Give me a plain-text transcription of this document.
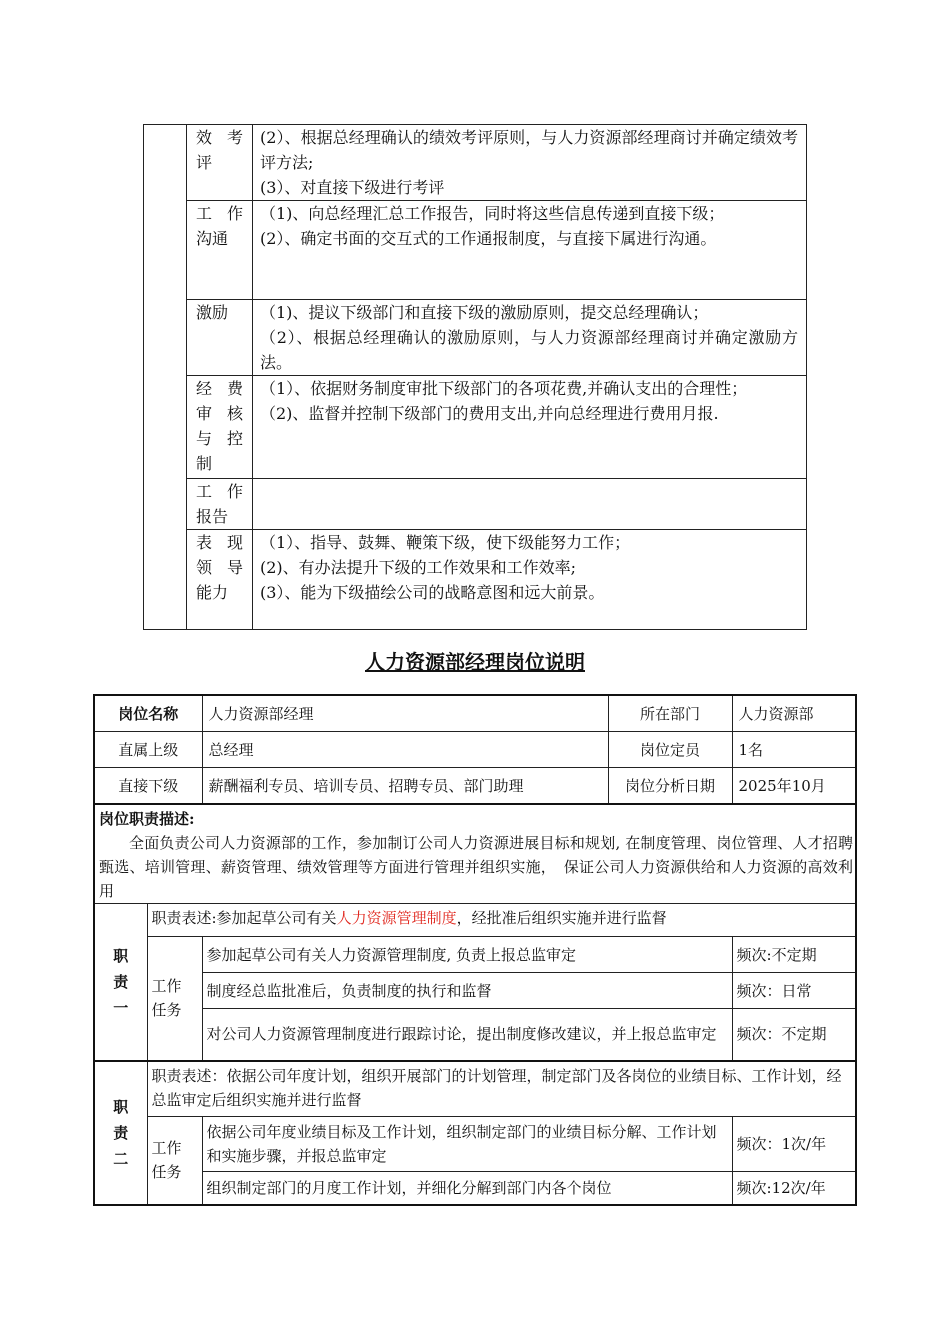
	效 考
评	(2）、根据总经理确认的绩效考评原则，与人力资源部经理商讨并确定绩效考评方法;
(3）、对直接下级进行考评

	工 作
沟通	（1)、向总经理汇总工作报告，同时将这些信息传递到直接下级；
(2）、确定书面的交互式的工作通报制度，与直接下属进行沟通。

	激励	（1)、提议下级部门和直接下级的激励原则，提交总经理确认；
（2）、根据总经理确认的激励原则，与人力资源部经理商讨并确定激励方法。

	经 费
审 核
与 控
制	（1）、依据财务制度审批下级部门的各项花费,并确认支出的合理性；
（2)、监督并控制下级部门的费用支出,并向总经理进行费用月报.

	工 作
报告	

	表 现
领 导
能力	（1）、指导、鼓舞、鞭策下级，使下级能努力工作；
(2)、有办法提升下级的工作效果和工作效率;
(3）、能为下级描绘公司的战略意图和远大前景。
人力资源部经理岗位说明
岗位名称		人力资源部经理	所在部门	人力资源部
直属上级		总经理	岗位定员	1名
直接下级		薪酬福利专员、培训专员、招聘专员、部门助理	岗位分析日期	2025年10月

岗位职责描述:
全面负责公司人力资源部的工作，参加制订公司人力资源进展目标和规划, 在制度管理、岗位管理、人才招聘甄选、培训管理、薪资管理、绩效管理等方面进行管理并组织实施，　保证公司人力资源供给和人力资源的高效利用				

职
责
一	职责表述:参加起草公司有关人力资源管理制度，经批准后组织实施并进行监督			

	工作
任务	参加起草公司有关人力资源管理制度, 负责上报总监审定		频次:不定期
		制度经总监批准后，负责制度的执行和监督		频次：日常
		对公司人力资源管理制度进行跟踪讨论，提出制度修改建议，并上报总监审定		频次：不定期

职
责
二	职责表述：依据公司年度计划，组织开展部门的计划管理，制定部门及各岗位的业绩目标、工作计划，经总监审定后组织实施并进行监督			

	工作
任务	依据公司年度业绩目标及工作计划，组织制定部门的业绩目标分解、工作计划和实施步骤，并报总监审定		频次：1次/年
		组织制定部门的月度工作计划，并细化分解到部门内各个岗位		频次:12次/年
